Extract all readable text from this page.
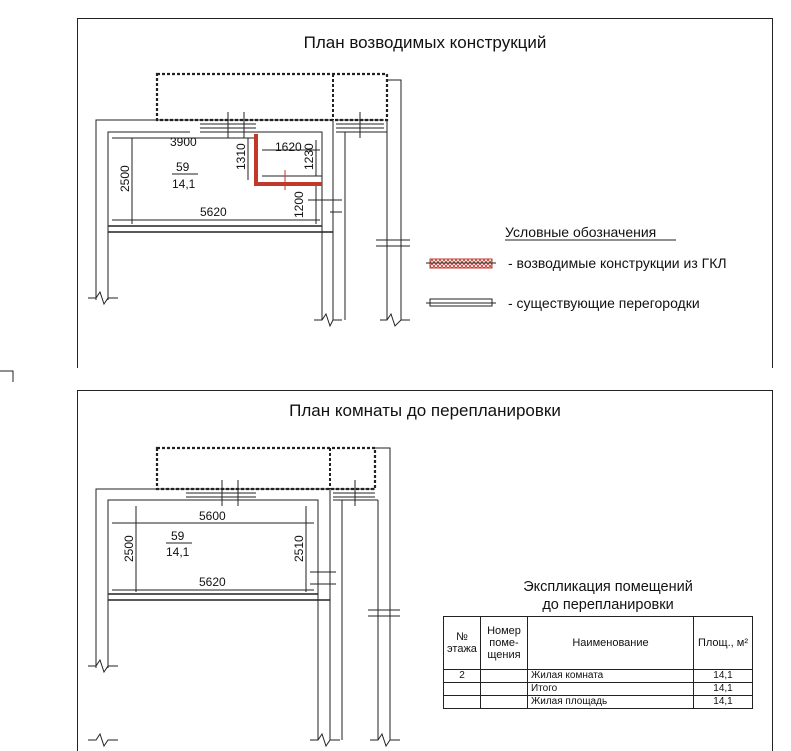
План возводимых конструкций
План комнаты до перепланировки
3900	1620
5620
2500
1310	1230
1200
59
14,1
5600
5620
2500	2510
59
14,1
Условные обозначения
- возводимые конструкции из ГКЛ
- существующие перегородки
Экспликация помещений
до перепланировки
№ этажа	Номер поме-щения	Наименование	Площ., м²
2		Жилая комната	14,1
		Итого	14,1
		Жилая площадь	14,1
